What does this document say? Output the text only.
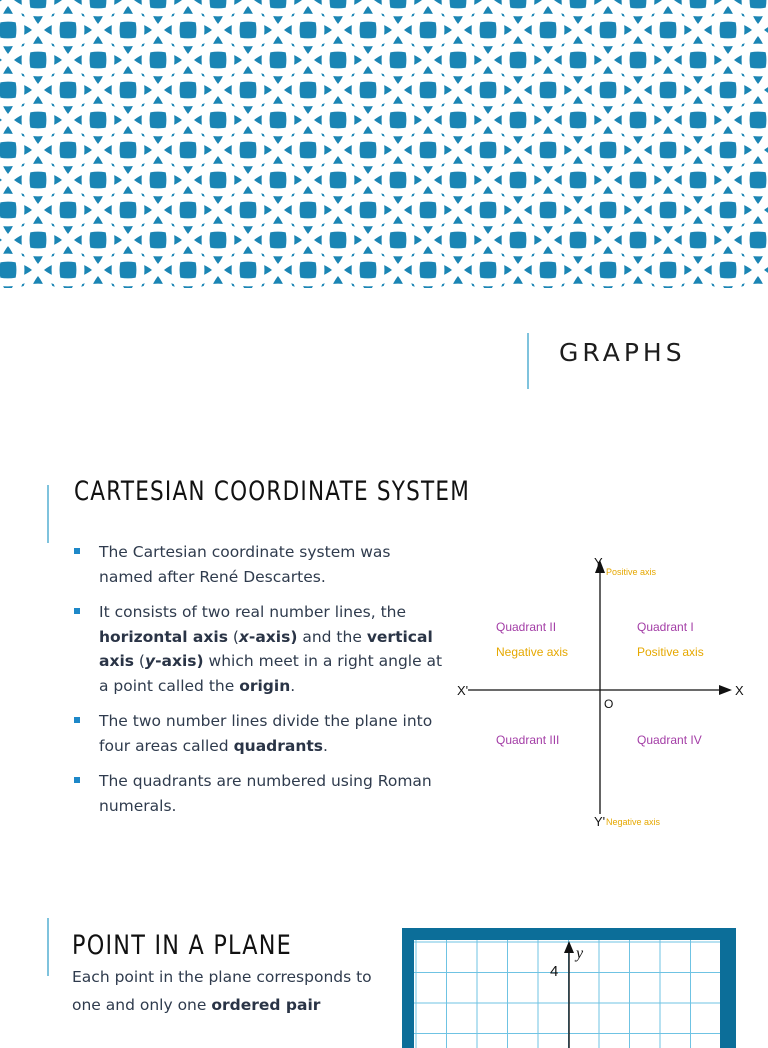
GRAPHS
CARTESIAN COORDINATE SYSTEM
The Cartesian coordinate system was named after René Descartes.
It consists of two real number lines, the horizontal axis (x-axis) and the vertical axis (y-axis) which meet in a right angle at a point called the origin.
The two number lines divide the plane into four areas called quadrants.
The quadrants are numbered using Roman numerals.
Y
Positive axis
Y' Negative axis
X
X'
O
Quadrant II
Negative axis
Quadrant I
Positive axis
Quadrant III	Quadrant IV
POINT IN A PLANE

Each point in the plane corresponds to one and only one ordered pair

y
4
